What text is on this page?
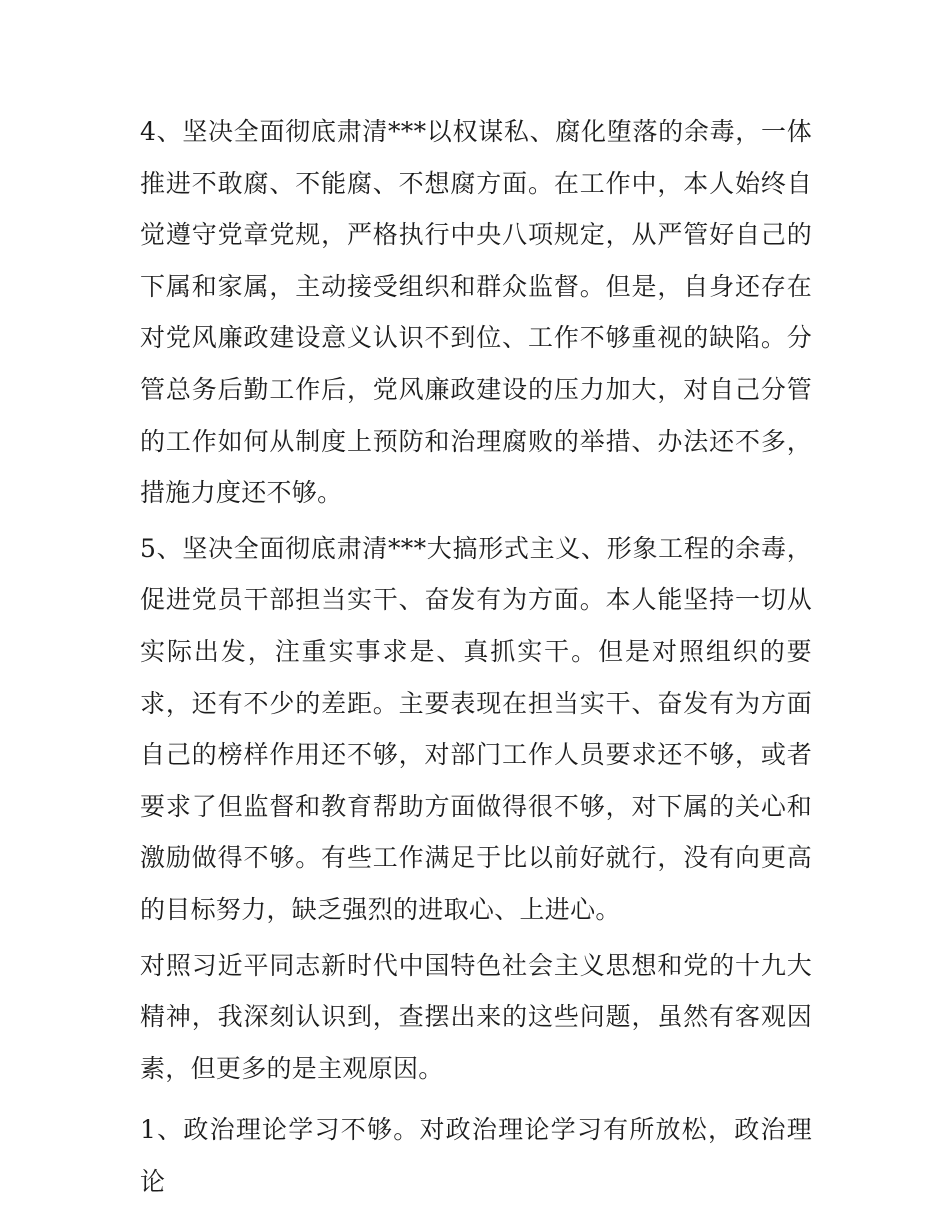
4、坚决全面彻底肃清***以权谋私、腐化堕落的余毒，一体推进不敢腐、不能腐、不想腐方面。在工作中，本人始终自觉遵守党章党规，严格执行中央八项规定，从严管好自己的下属和家属，主动接受组织和群众监督。但是，自身还存在对党风廉政建设意义认识不到位、工作不够重视的缺陷。分管总务后勤工作后，党风廉政建设的压力加大，对自己分管的工作如何从制度上预防和治理腐败的举措、办法还不多，措施力度还不够。

5、坚决全面彻底肃清***大搞形式主义、形象工程的余毒，促进党员干部担当实干、奋发有为方面。本人能坚持一切从实际出发，注重实事求是、真抓实干。但是对照组织的要求，还有不少的差距。主要表现在担当实干、奋发有为方面自己的榜样作用还不够，对部门工作人员要求还不够，或者要求了但监督和教育帮助方面做得很不够，对下属的关心和激励做得不够。有些工作满足于比以前好就行，没有向更高的目标努力，缺乏强烈的进取心、上进心。

对照习近平同志新时代中国特色社会主义思想和党的十九大精神，我深刻认识到，查摆出来的这些问题，虽然有客观因素，但更多的是主观原因。

1、政治理论学习不够。对政治理论学习有所放松，政治理论
